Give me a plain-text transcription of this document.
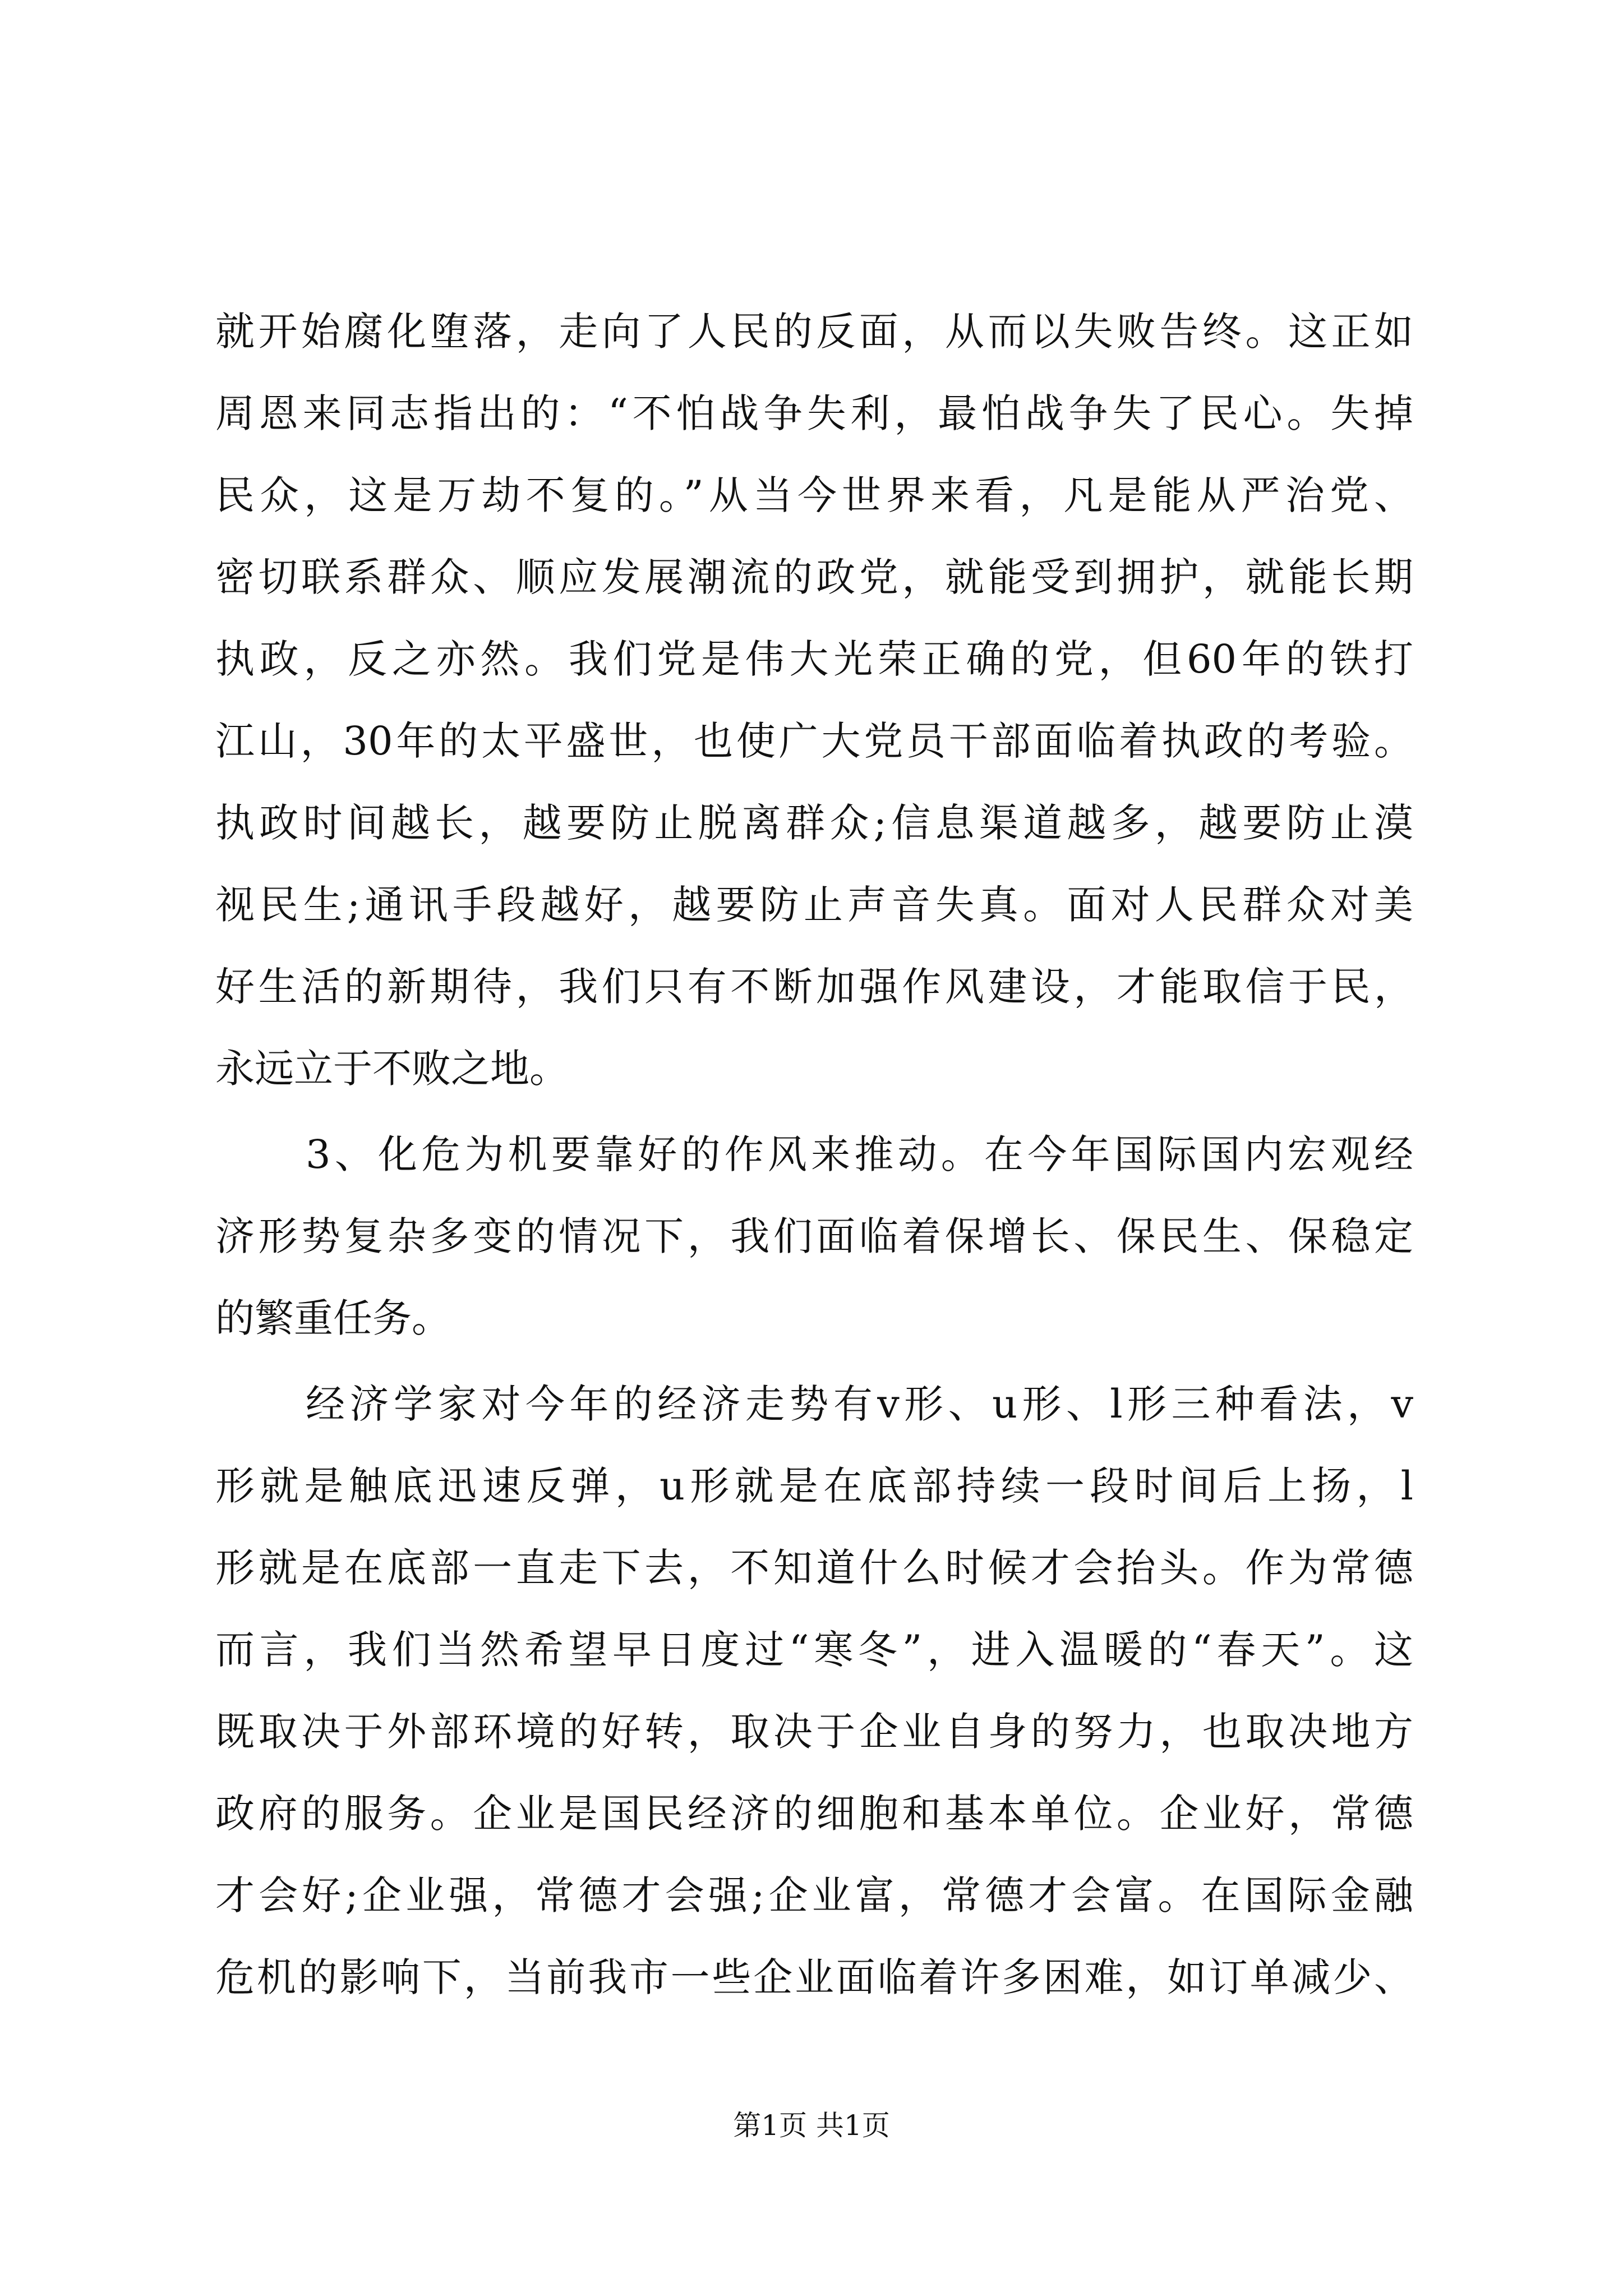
就开始腐化堕落，走向了人民的反面，从而以失败告终。这正如
周恩来同志指出的：“不怕战争失利，最怕战争失了民心。失掉
民众，这是万劫不复的。”从当今世界来看，凡是能从严治党、
密切联系群众、顺应发展潮流的政党，就能受到拥护，就能长期
执政，反之亦然。我们党是伟大光荣正确的党，但60年的铁打
江山，30年的太平盛世，也使广大党员干部面临着执政的考验。
执政时间越长，越要防止脱离群众;信息渠道越多，越要防止漠
视民生;通讯手段越好，越要防止声音失真。面对人民群众对美
好生活的新期待，我们只有不断加强作风建设，才能取信于民，
永远立于不败之地。
3、化危为机要靠好的作风来推动。在今年国际国内宏观经
济形势复杂多变的情况下，我们面临着保增长、保民生、保稳定
的繁重任务。
经济学家对今年的经济走势有v形、u形、l形三种看法，v
形就是触底迅速反弹，u形就是在底部持续一段时间后上扬，l
形就是在底部一直走下去，不知道什么时候才会抬头。作为常德
而言，我们当然希望早日度过“寒冬”，进入温暖的“春天”。这
既取决于外部环境的好转，取决于企业自身的努力，也取决地方
政府的服务。企业是国民经济的细胞和基本单位。企业好，常德
才会好;企业强，常德才会强;企业富，常德才会富。在国际金融
危机的影响下，当前我市一些企业面临着许多困难，如订单减少、
第1页 共1页
